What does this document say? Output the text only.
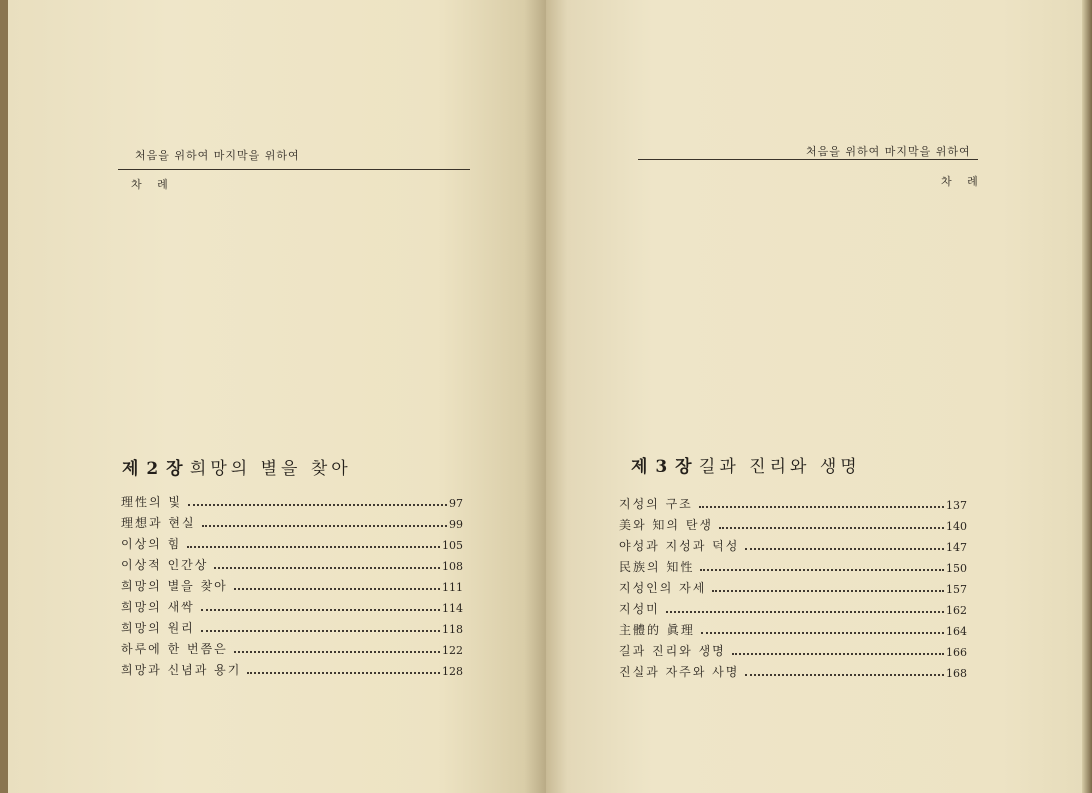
처음을 위하여 마지막을 위하여
차 례
제 2 장 희망의 별을 찾아
理性의 빛	97
理想과 현실	99
이상의 힘	105
이상적 인간상	108
희망의 별을 찾아	111
희망의 새싹	114
희망의 원리	118
하루에 한 번쯤은	122
희망과 신념과 용기	128
처음을 위하여 마지막을 위하여
차 례
제 3 장 길과 진리와 생명
지성의 구조	137
美와 知의 탄생	140
야성과 지성과 덕성	147
民族의 知性	150
지성인의 자세	157
지성미	162
主體的 眞理	164
길과 진리와 생명	166
진실과 자주와 사명	168
